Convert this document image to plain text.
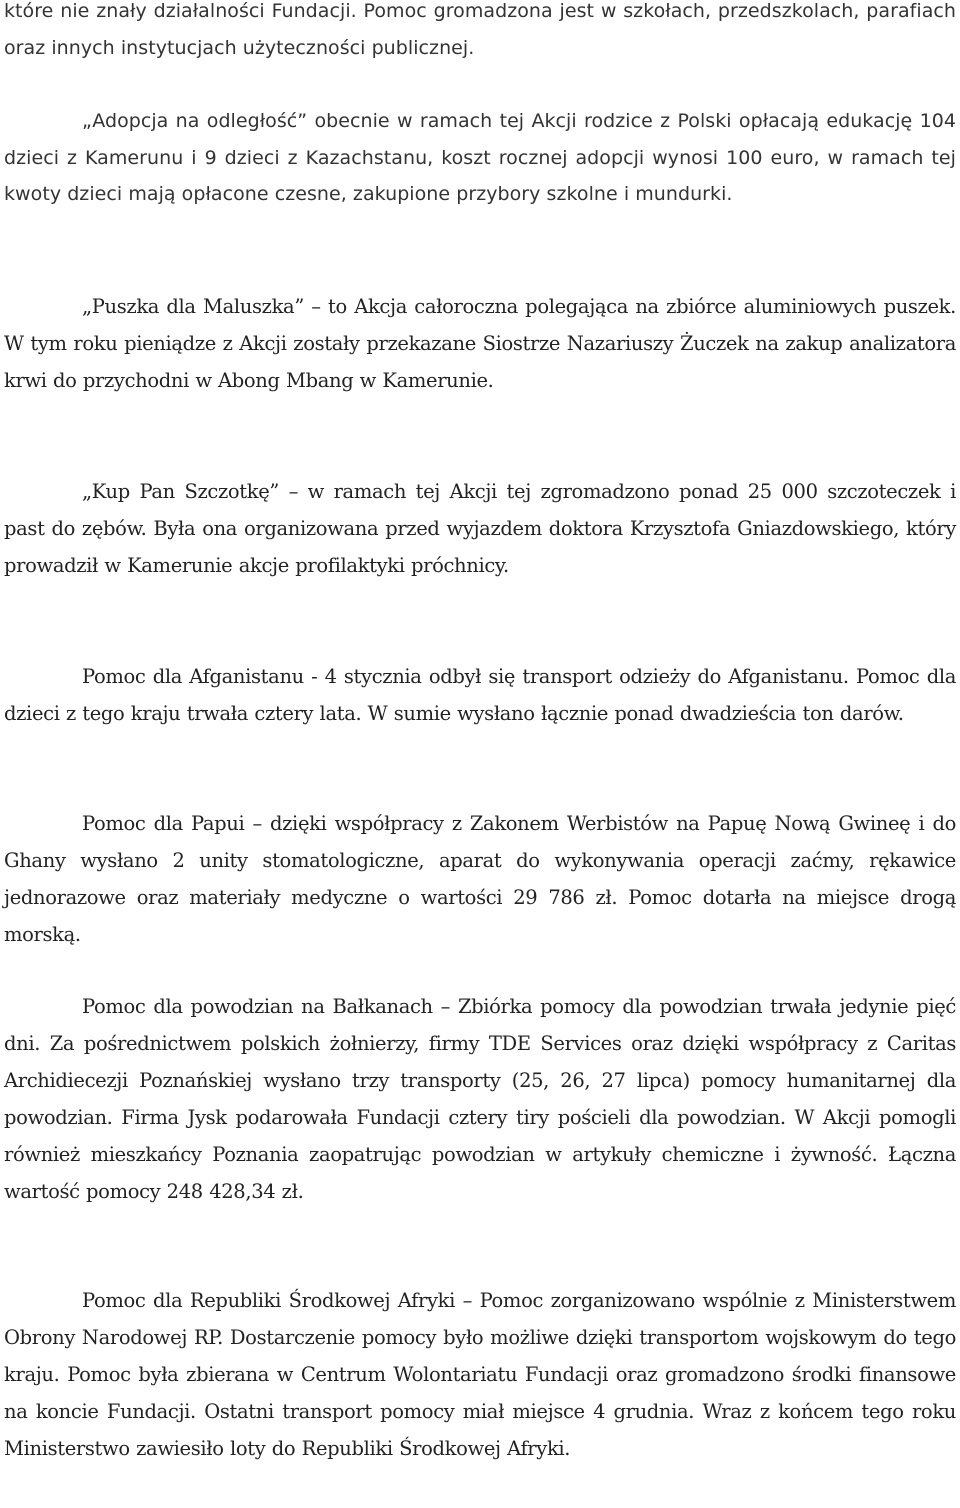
które nie znały działalności Fundacji. Pomoc gromadzona jest w szkołach, przedszkolach, parafiach oraz innych instytucjach użyteczności publicznej.

„Adopcja na odległość” obecnie w ramach tej Akcji rodzice z Polski opłacają edukację 104 dzieci z Kamerunu i 9 dzieci z Kazachstanu, koszt rocznej adopcji wynosi 100 euro, w ramach tej kwoty dzieci mają opłacone czesne, zakupione przybory szkolne i mundurki.

„Puszka dla Maluszka” – to Akcja całoroczna polegająca na zbiórce aluminiowych puszek. W tym roku pieniądze z Akcji zostały przekazane Siostrze Nazariuszy Żuczek na zakup analizatora krwi do przychodni w Abong Mbang w Kamerunie.

„Kup Pan Szczotkę” – w ramach tej Akcji tej zgromadzono ponad 25 000 szczoteczek i past do zębów. Była ona organizowana przed wyjazdem doktora Krzysztofa Gniazdowskiego, który prowadził w Kamerunie akcje profilaktyki próchnicy.

Pomoc dla Afganistanu - 4 stycznia odbył się transport odzieży do Afganistanu. Pomoc dla dzieci z tego kraju trwała cztery lata. W sumie wysłano łącznie ponad dwadzieścia ton darów.

Pomoc dla Papui – dzięki współpracy z Zakonem Werbistów na Papuę Nową Gwineę i do Ghany wysłano 2 unity stomatologiczne, aparat do wykonywania operacji zaćmy, rękawice jednorazowe oraz materiały medyczne o wartości 29 786 zł. Pomoc dotarła na miejsce drogą morską.

Pomoc dla powodzian na Bałkanach – Zbiórka pomocy dla powodzian trwała jedynie pięć dni. Za pośrednictwem polskich żołnierzy, firmy TDE Services oraz dzięki współpracy z Caritas Archidiecezji Poznańskiej wysłano trzy transporty (25, 26, 27 lipca) pomocy humanitarnej dla powodzian. Firma Jysk podarowała Fundacji cztery tiry pościeli dla powodzian. W Akcji pomogli również mieszkańcy Poznania zaopatrując powodzian w artykuły chemiczne i żywność. Łączna wartość pomocy 248 428,34 zł.

Pomoc dla Republiki Środkowej Afryki – Pomoc zorganizowano wspólnie z Ministerstwem Obrony Narodowej RP. Dostarczenie pomocy było możliwe dzięki transportom wojskowym do tego kraju. Pomoc była zbierana w Centrum Wolontariatu Fundacji oraz gromadzono środki finansowe na koncie Fundacji. Ostatni transport pomocy miał miejsce 4 grudnia. Wraz z końcem tego roku Ministerstwo zawiesiło loty do Republiki Środkowej Afryki.
